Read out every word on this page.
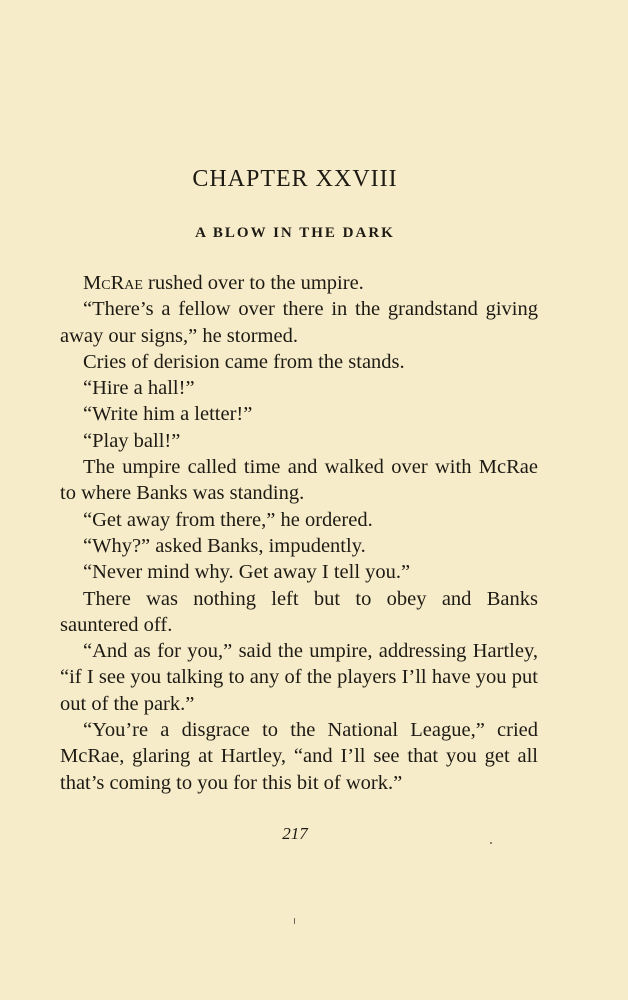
CHAPTER XXVIII
A BLOW IN THE DARK

McRae rushed over to the umpire.

“There’s a fellow over there in the grandstand giving away our signs,” he stormed.

Cries of derision came from the stands.

“Hire a hall!”

“Write him a letter!”

“Play ball!”

The umpire called time and walked over with McRae to where Banks was standing.

“Get away from there,” he ordered.

“Why?” asked Banks, impudently.

“Never mind why. Get away I tell you.”

There was nothing left but to obey and Banks sauntered off.

“And as for you,” said the umpire, addressing Hartley, “if I see you talking to any of the players I’ll have you put out of the park.”

“You’re a disgrace to the National League,” cried McRae, glaring at Hartley, “and I’ll see that you get all that’s coming to you for this bit of work.”

217
